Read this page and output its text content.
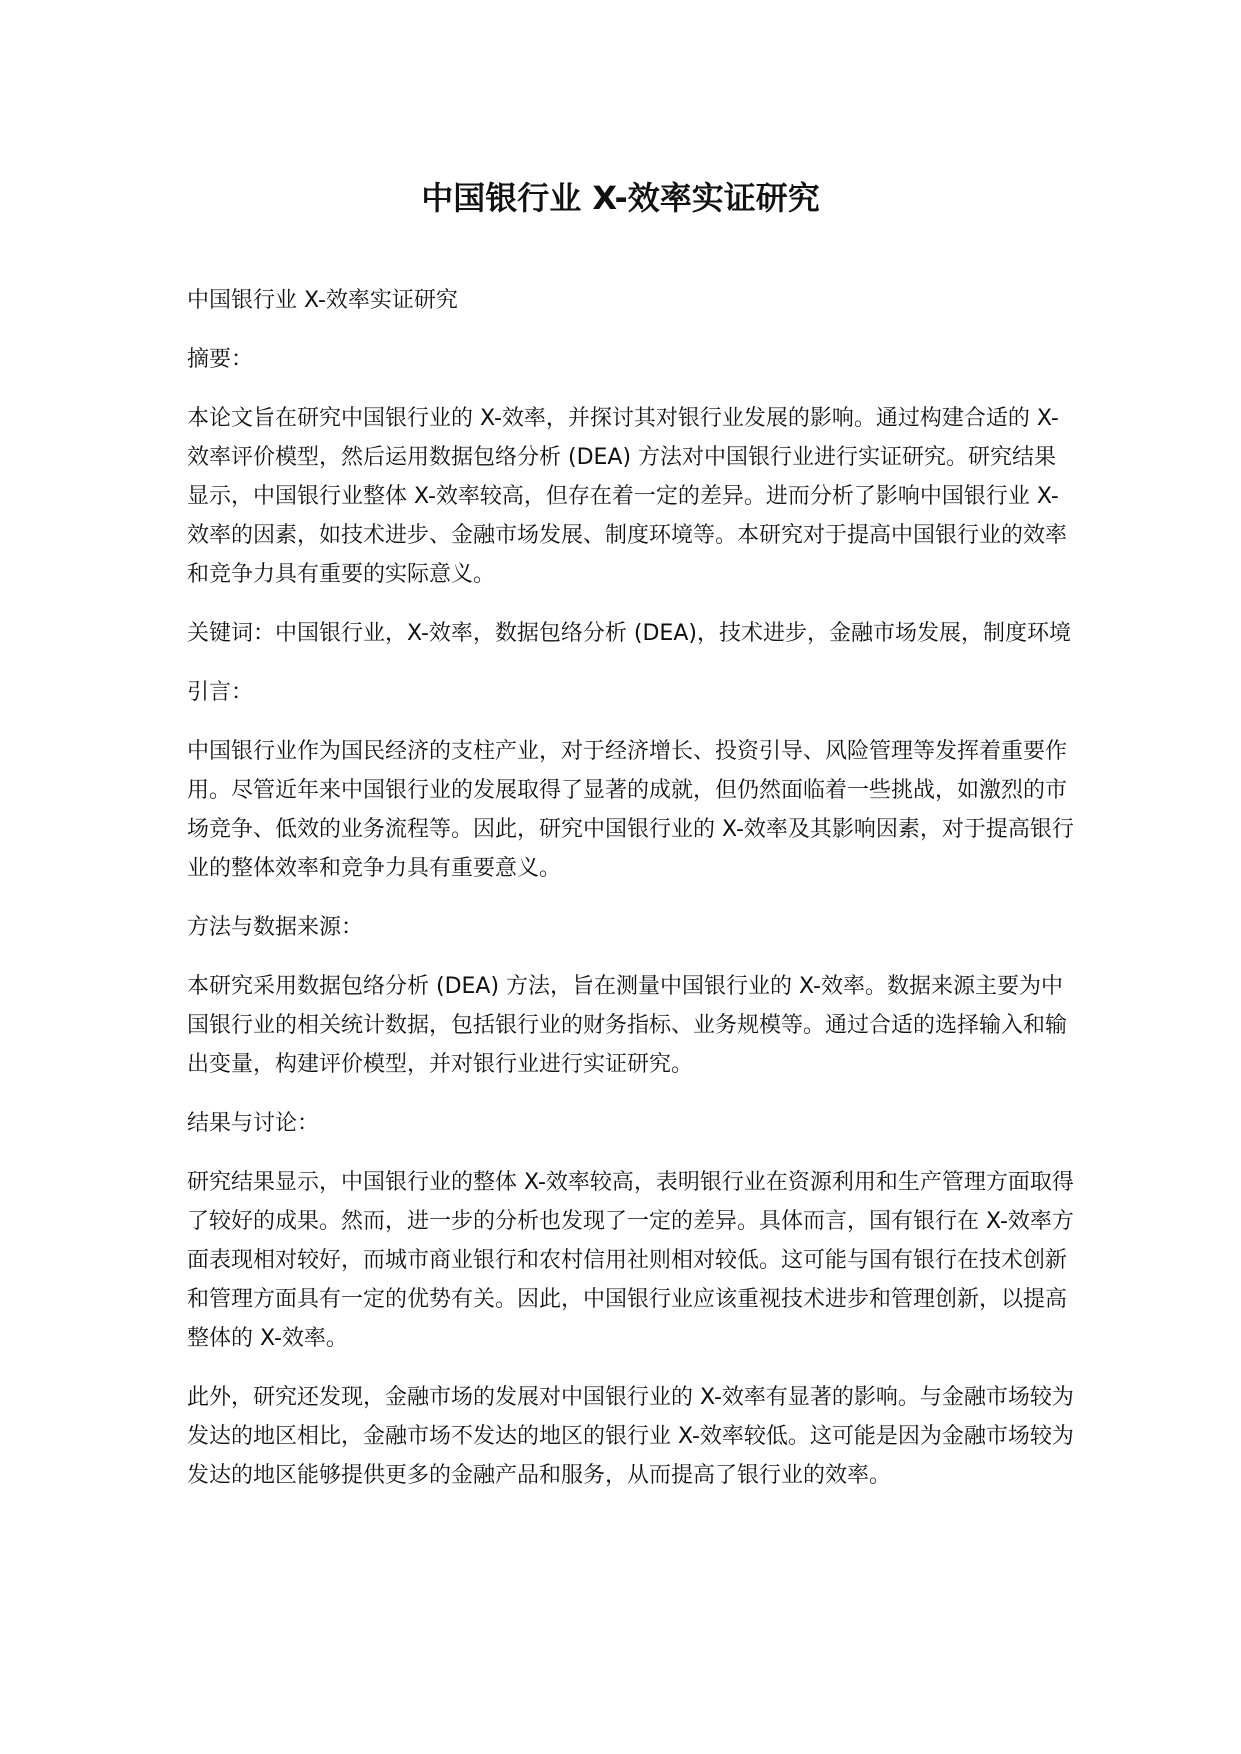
中国银行业 X-效率实证研究

中国银行业 X-效率实证研究

摘要：

本论文旨在研究中国银行业的 X-效率，并探讨其对银行业发展的影响。通过构建合适的 X-效率评价模型，然后运用数据包络分析 (DEA) 方法对中国银行业进行实证研究。研究结果显示，中国银行业整体 X-效率较高，但存在着一定的差异。进而分析了影响中国银行业 X-效率的因素，如技术进步、金融市场发展、制度环境等。本研究对于提高中国银行业的效率和竞争力具有重要的实际意义。

关键词：中国银行业，X-效率，数据包络分析 (DEA)，技术进步，金融市场发展，制度环境

引言：

中国银行业作为国民经济的支柱产业，对于经济增长、投资引导、风险管理等发挥着重要作用。尽管近年来中国银行业的发展取得了显著的成就，但仍然面临着一些挑战，如激烈的市场竞争、低效的业务流程等。因此，研究中国银行业的 X-效率及其影响因素，对于提高银行业的整体效率和竞争力具有重要意义。

方法与数据来源：

本研究采用数据包络分析 (DEA) 方法，旨在测量中国银行业的 X-效率。数据来源主要为中国银行业的相关统计数据，包括银行业的财务指标、业务规模等。通过合适的选择输入和输出变量，构建评价模型，并对银行业进行实证研究。

结果与讨论：

研究结果显示，中国银行业的整体 X-效率较高，表明银行业在资源利用和生产管理方面取得了较好的成果。然而，进一步的分析也发现了一定的差异。具体而言，国有银行在 X-效率方面表现相对较好，而城市商业银行和农村信用社则相对较低。这可能与国有银行在技术创新和管理方面具有一定的优势有关。因此，中国银行业应该重视技术进步和管理创新，以提高整体的 X-效率。

此外，研究还发现，金融市场的发展对中国银行业的 X-效率有显著的影响。与金融市场较为发达的地区相比，金融市场不发达的地区的银行业 X-效率较低。这可能是因为金融市场较为发达的地区能够提供更多的金融产品和服务，从而提高了银行业的效率。
